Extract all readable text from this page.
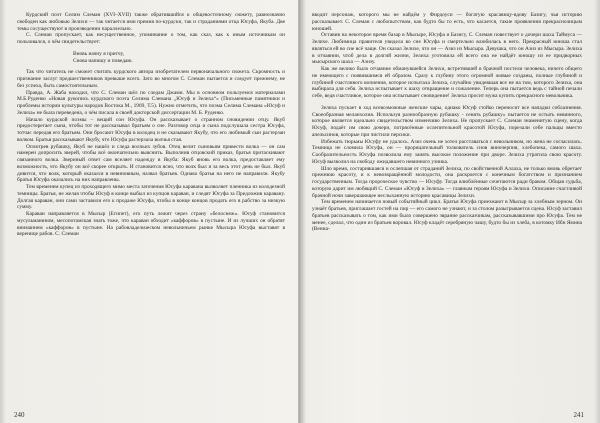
Курдский поэт Селим Слеман (XVI–XVII) также обратившийся к общевосточному сюжету, равнозначно свободен как любовью Зелихи — так читается ими премия по-курдски, так и страданиями отца Юсуфа, Якуба. Две темы сосуществуют в произведении параллельно.

С. Слеман пропускает, как несущественное, упоминание о том, как сказ, как к иным источникам он пользовался, о чём свидетельствует:

Вновь начну я притчу,
Снова напишу и поведаю.

Так что читатель не сможет считать курдского автора изобретателем первоначального сюжета. Скромность и признание заслуг предшественников превыше всего. Зато во многом С. Слеман пытается и следует прежнему, не без успеха, быть самостоятельным.

Правда, А. Жаба находил, что С. Слеман шёл по следам Джами. Мы в основном пользуемся материалами М.Б.Руденко «Новая рукопись курдского поэта Селима Слемана „Юсуф и Зелиха“» (Письменные памятники и проблемы истории культуры народов Востока М., 1969, Т.5). Нужно отметить, что поэма Селима Слемана «Юсуф и Зелиха» не была переведена, о чём писала в своей докторской диссертации М. Б. Руденко.

Начало курдской поэмы – вещий сон Юсуфа. Он рассказывает о странном сновидении отцу. Якуб предостерегает сына, чтобы тот не рассказывал братьям о сне. Разговор отца и сына подслушала сестра Юсуфа, тотчас передав его братьям. Они бросают Юсуфа в колодец и не сказывают Якубу, что его любимый сын растерзан волком. Братья рассказывают Якубу, что Юсуфа растерзала волчья стая.

Осмотрев рубашку, Якуб не нашёл и следа волчьих зубов. Отец велит сыновьям привести волка — он сам намерен допросить зверей, чтобы всё окончательно выяснить. Выполнив отцовский приказ, братья притаскивают связанного волка. Звериный ответ сам вселяет надежду в Якуба: Якуб вновь его волка, предоставляет ему возможность, что Якубу он всё скорее открыть. И становится ясно, что волк был и за весь этот день не был. Якуб дивится, что волк, который оказался в невиновным, назвал братьев. Однако братья на него не направили. Якубу братья Юсуфа оказались на них направлены.

Тем временем купец из проходящего мимо места заточения Юсуфа каравана вызволяет пленника из колодезной темницы. Братья, не желая чтобы Юсуф в конце выбыл из купцов караван, и следят Юсуфа за Предложив каравану. Долгая караван, они сами заставили его к продаже Юсуфа, чтобы в конце концов продать его в рабство за низкую сумму.

Караван направляется в Мысыр (Египет), его путь лежит через страну «белоснеж». Юсуф становится мусульманином, месопотамская знать тоже, что караван обходит «каффоров» в пустыне. И из лучших он обратят вниманием «каффоров» в пустыне. На рабовладельческом невольничьем рынке Мысыра Юсуфа выставят в веренице рабов. С. Слеман

240

вводит персонаж, которого мы не найдём у Фирдоуси — богатую красавицу-вдову Базигу, чья историю рассказывает. С. Слеман с любопытством, как будто бы то есть, что касается, такие проявления прекраснолицым юношей.

Оставив на некоторое время базар в Мысыре, Юсуфа и Базигу, С. Слеман повествует о дочери шаха Таймуса — Зелихе. Любимица правителя увидела во сне Юсуфа и смертельно влюбилась в него. Прекрасный юноша стал являться ей во сне всё чаще. Он сказал Зелихе, что он — Азиз из Мысыра. Девушка, что он Азиз из Мысыра. Зелиха в отчаянии, чтоб дела в долгий жизни, Зелиха уготовила ей всего она не найдёт юношу из ее придворных мысырского шаха — Азизу.

Как же велико было отчаяние обманувшейся Зелихи, встретившей в брачной постели человека, ничего общего не имеющего с появившимся ей образом. Сразу к глубину этого огромной живые созданы, полные глубиной и глубиной счастливого вопиения, которое испытала Зелиха, случайно увидевшая все не на том, которого Зелиха, она выбирала для себя. Зелиха испытывает к шаху отвращение и сожаление. Теперь она пытается ведь с тайной печали себе, ведя счастливое, которое она испытывает сновидение! Зелиха просит мужа купить прекрасного невольника.

Зелиха пускает в ход всевозможные женские чары, однако Юсуф стойко переносит все нападки соблазнения. Своеобразная меланхолия. Используя разнообразную рубашку - сенять рубашку» пытается не остыть невинного, которое является идеально свидетельством изменчиво Зелиха. Не пропускает С. Слеман знаменитую сцену, когда Юсуф, подаёт им свою дочери, потрясённые ослепительной красотой Юсуфа, порезали себе пальцы вместо апельсинов, которые при чистили персики.

Избежать тюрьмы Юсуфу не удалось. Азиз очень не хотел расставаться с невольником, но жена не согласилась. Темница не сломила Юсуфа, он — прорицательный толкователь снов виночерпия, хлебопека, самого шаха. Сообразительность Юсуфа позволила ему занять высокое положение при дворе. Зелиха утратила свою красоту. Юсуф вызволил на свободу ожидавшего невинного узника.

Шло время, состарившаяся и ослепшая от страданий Зелиха, по свойственной Аллаха, не только вновь обретает прежнюю красоту, и к невозвращённой молодости, она раскроется с конечным богатством и признанием государственным. Тогда пророческое чувство — Юсуфу. Тогда влюблённые сочетаются ради браком. Общая судьба, которую дарит им любящий С. Слеман «Юсуф и Зелиха» — главным героям Юсуфа и Зелихи. Описание счастливой брачной ночи завершающее неслыханную историю красавицы Зелихи.

Тем временем начинается новый событийный цикл. Братья Юсуфа приезжают в Мысыр за хлебным зерном. Он узнаёт братьев, приглашает гостей на пир — его самого не узнают, и за столом разыгрывается сцена. Юсуф заставил братьев рассказывать о том, как ими было совершено зврание рассказчикам, рассказывавшими про Юсуфа. Тем не менее, сделал, что один из братьев воровал. Юсуф кладёт серебряную чашу, будто бы из хлеба, в котомку Ибн Ямина (Вениа-

241
